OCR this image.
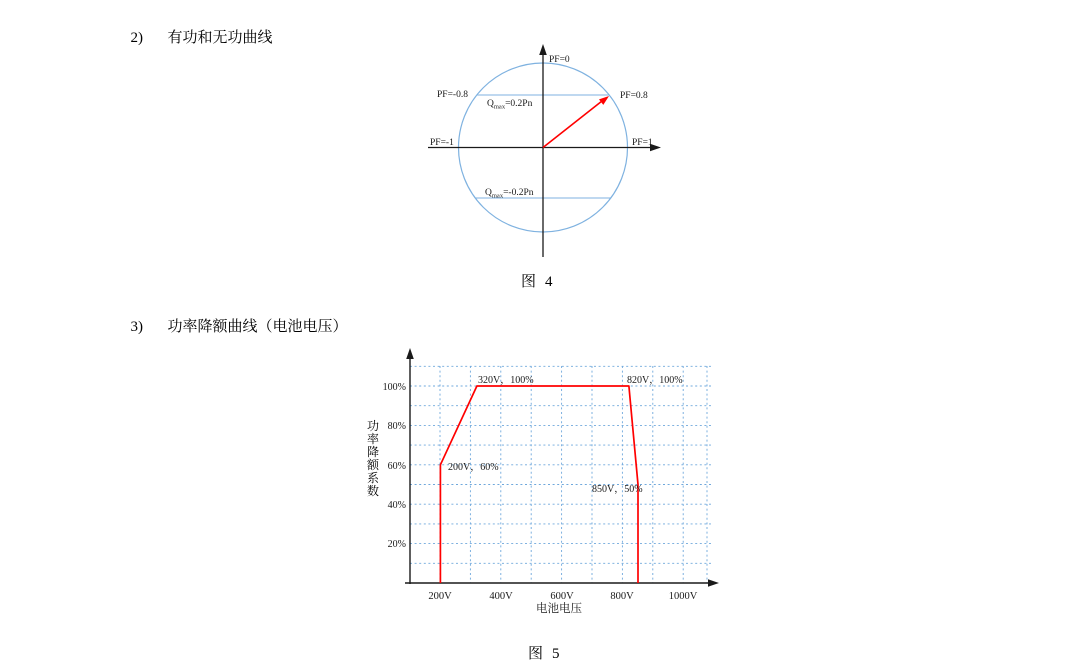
2) 有功和无功曲线

PF=0
PF=-0.8	PF=0.8
PF=-1	PF=1
$Q_{max}=0.2Pn$
$Q_{max}=-0.2Pn$
图  4

3) 功率降额曲线（电池电压）

100%
80%
60%
40%
20%
200V	400V	600V	800V	1000V
电池电压
200V，60%
320V，100%	820V，100%
850V，50%
功率降额系数
图  5
